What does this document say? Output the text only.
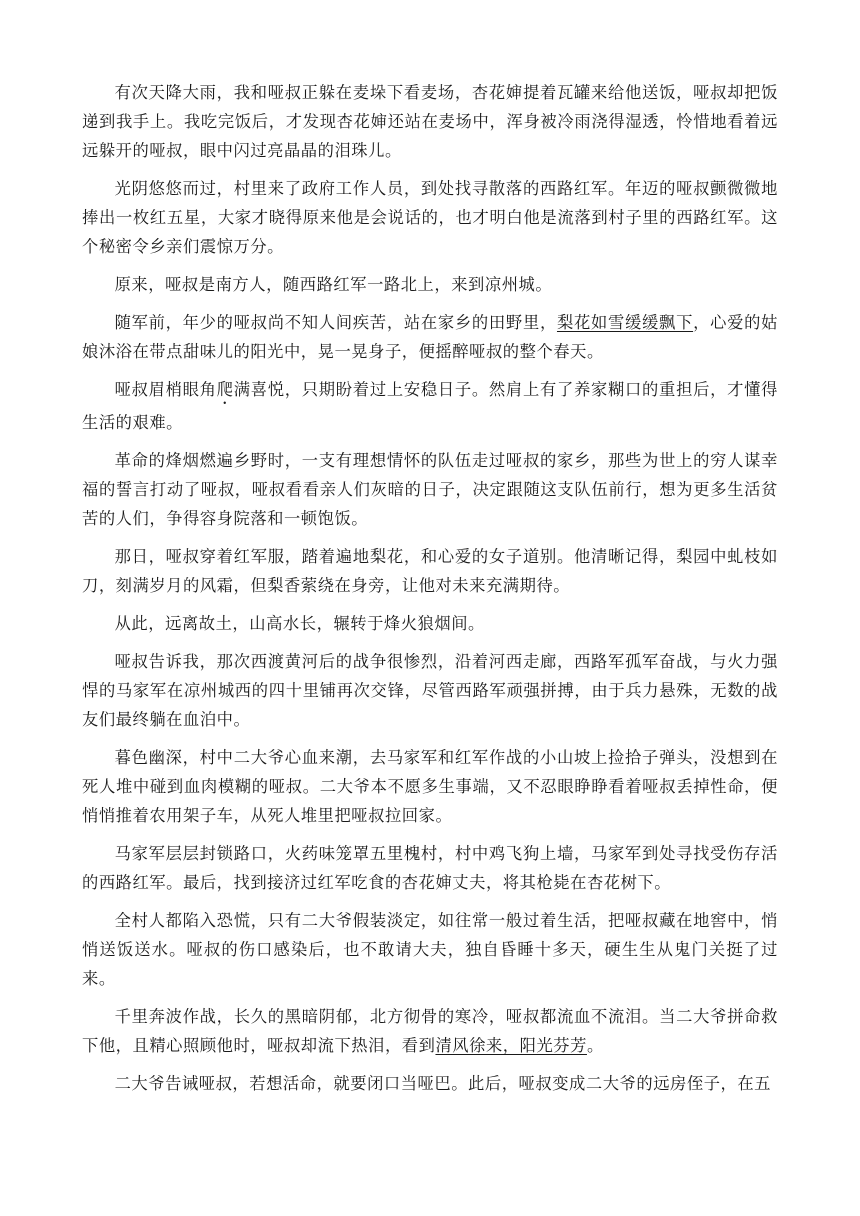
有次天降大雨，我和哑叔正躲在麦垛下看麦场，杏花婶提着瓦罐来给他送饭，哑叔却把饭递到我手上。我吃完饭后，才发现杏花婶还站在麦场中，浑身被冷雨浇得湿透，怜惜地看着远远躲开的哑叔，眼中闪过亮晶晶的泪珠儿。

光阴悠悠而过，村里来了政府工作人员，到处找寻散落的西路红军。年迈的哑叔颤微微地捧出一枚红五星，大家才晓得原来他是会说话的，也才明白他是流落到村子里的西路红军。这个秘密令乡亲们震惊万分。

原来，哑叔是南方人，随西路红军一路北上，来到凉州城。

随军前，年少的哑叔尚不知人间疾苦，站在家乡的田野里，梨花如雪缓缓飘下，心爱的姑娘沐浴在带点甜味儿的阳光中，晃一晃身子，便摇醉哑叔的整个春天。

哑叔眉梢眼角爬满喜悦，只期盼着过上安稳日子。然肩上有了养家糊口的重担后，才懂得生活的艰难。

革命的烽烟燃遍乡野时，一支有理想情怀的队伍走过哑叔的家乡，那些为世上的穷人谋幸福的誓言打动了哑叔，哑叔看看亲人们灰暗的日子，决定跟随这支队伍前行，想为更多生活贫苦的人们，争得容身院落和一顿饱饭。

那日，哑叔穿着红军服，踏着遍地梨花，和心爱的女子道别。他清晰记得，梨园中虬枝如刀，刻满岁月的风霜，但梨香萦绕在身旁，让他对未来充满期待。

从此，远离故土，山高水长，辗转于烽火狼烟间。

哑叔告诉我，那次西渡黄河后的战争很惨烈，沿着河西走廊，西路军孤军奋战，与火力强悍的马家军在凉州城西的四十里铺再次交锋，尽管西路军顽强拼搏，由于兵力悬殊，无数的战友们最终躺在血泊中。

暮色幽深，村中二大爷心血来潮，去马家军和红军作战的小山坡上捡拾子弹头，没想到在死人堆中碰到血肉模糊的哑叔。二大爷本不愿多生事端，又不忍眼睁睁看着哑叔丢掉性命，便悄悄推着农用架子车，从死人堆里把哑叔拉回家。

马家军层层封锁路口，火药味笼罩五里槐村，村中鸡飞狗上墙，马家军到处寻找受伤存活的西路红军。最后，找到接济过红军吃食的杏花婶丈夫，将其枪毙在杏花树下。

全村人都陷入恐慌，只有二大爷假装淡定，如往常一般过着生活，把哑叔藏在地窖中，悄悄送饭送水。哑叔的伤口感染后，也不敢请大夫，独自昏睡十多天，硬生生从鬼门关挺了过来。

千里奔波作战，长久的黑暗阴郁，北方彻骨的寒冷，哑叔都流血不流泪。当二大爷拼命救下他，且精心照顾他时，哑叔却流下热泪，看到清风徐来，阳光芬芳。

二大爷告诫哑叔，若想活命，就要闭口当哑巴。此后，哑叔变成二大爷的远房侄子，在五
